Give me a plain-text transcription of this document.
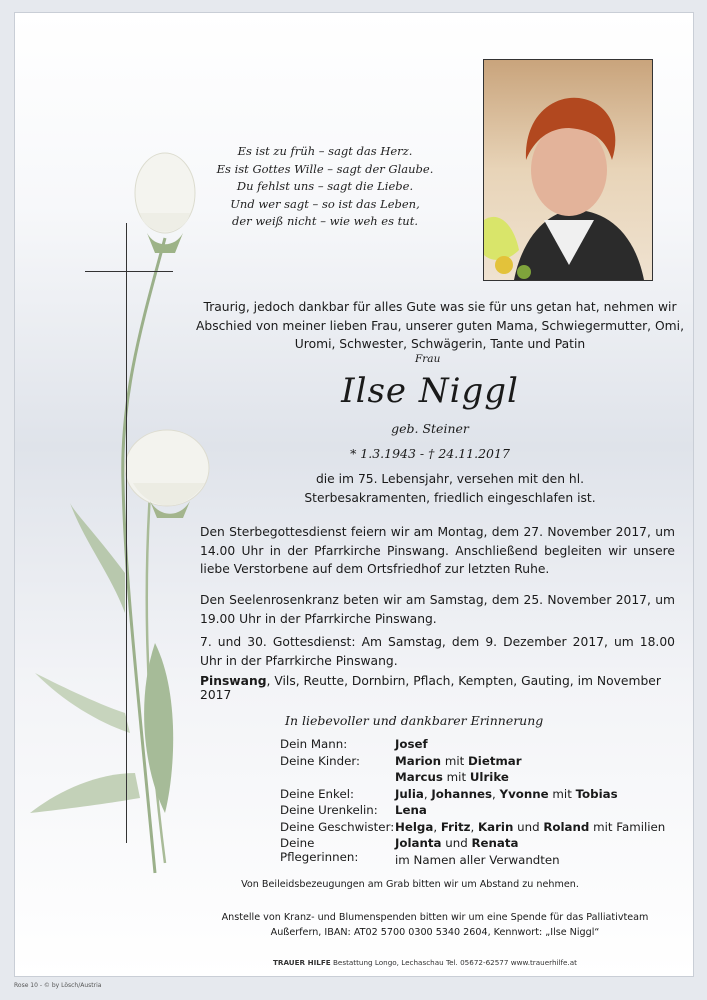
Es ist zu früh – sagt das Herz.
Es ist Gottes Wille – sagt der Glaube.
Du fehlst uns – sagt die Liebe.
Und wer sagt – so ist das Leben,
der weiß nicht – wie weh es tut.
Traurig, jedoch dankbar für alles Gute was sie für uns getan hat, nehmen wir Abschied von meiner lieben Frau, unserer guten Mama, Schwiegermutter, Omi, Uromi, Schwester, Schwägerin, Tante und Patin
Frau
Ilse Niggl
geb. Steiner
* 1.3.1943 - † 24.11.2017
die im 75. Lebensjahr, versehen mit den hl. Sterbesakramenten, friedlich eingeschlafen ist.
Den Sterbegottesdienst feiern wir am Montag, dem 27. November 2017, um 14.00 Uhr in der Pfarrkirche Pinswang. Anschließend begleiten wir unsere liebe Verstorbene auf dem Ortsfriedhof zur letzten Ruhe.
Den Seelenrosenkranz beten wir am Samstag, dem 25. November 2017, um 19.00 Uhr in der Pfarrkirche Pinswang.
7. und 30. Gottesdienst: Am Samstag, dem 9. Dezember 2017, um 18.00 Uhr in der Pfarrkirche Pinswang.
Pinswang, Vils, Reutte, Dornbirn, Pflach, Kempten, Gauting, im November 2017
In liebevoller und dankbarer Erinnerung
Dein Mann:	Josef
Deine Kinder:	Marion mit Dietmar
Marcus mit Ulrike
Deine Enkel:	Julia, Johannes, Yvonne mit Tobias
Deine Urenkelin:	Lena
Deine Geschwister: Helga, Fritz, Karin und Roland mit Familien
Deine Pflegerinnen:
Jolanta und Renata
im Namen aller Verwandten
Von Beileidsbezeugungen am Grab bitten wir um Abstand zu nehmen.
Anstelle von Kranz- und Blumenspenden bitten wir um eine Spende für das Palliativteam Außerfern, IBAN: AT02 5700 0300 5340 2604, Kennwort: „Ilse Niggl“
TRAUER HILFE Bestattung Longo, Lechaschau Tel. 05672-62577 www.trauerhilfe.at
Rose 10 - © by Lösch/Austria
